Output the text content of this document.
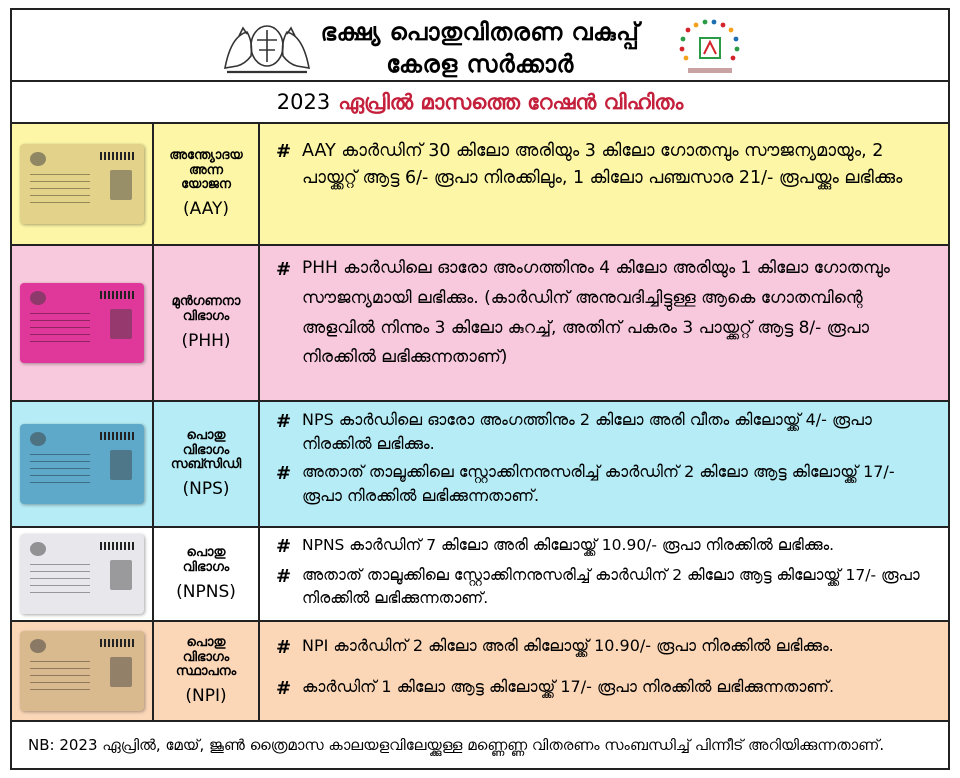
ഭക്ഷ്യ പൊതുവിതരണ വകുപ്പ്
കേരള സർക്കാർ
2023 ഏപ്രിൽ മാസത്തെ റേഷൻ വിഹിതം
അന്ത്യോദയ
അന്ന
യോജന
(AAY)
# AAY കാർഡിന് 30 കിലോ അരിയും 3 കിലോ ഗോതമ്പും സൗജന്യമായും, 2 പായ്ക്കറ്റ് ആട്ട 6/- രൂപാ നിരക്കിലും, 1 കിലോ പഞ്ചസാര 21/- രൂപയ്ക്കും ലഭിക്കും
മുൻഗണനാ
വിഭാഗം
(PHH)
# PHH കാർഡിലെ ഓരോ അംഗത്തിനും 4 കിലോ അരിയും 1 കിലോ ഗോതമ്പും സൗജന്യമായി ലഭിക്കും. (കാർഡിന് അനുവദിച്ചിട്ടുള്ള ആകെ ഗോതമ്പിന്റെ അളവിൽ നിന്നും 3 കിലോ കുറച്ച്, അതിന് പകരം 3 പായ്ക്കറ്റ് ആട്ട 8/- രൂപാ നിരക്കിൽ ലഭിക്കുന്നതാണ്)
പൊതു
വിഭാഗം
സബ്സിഡി
(NPS)
# NPS കാർഡിലെ ഓരോ അംഗത്തിനും 2 കിലോ അരി വീതം കിലോയ്ക്ക് 4/- രൂപാ നിരക്കിൽ ലഭിക്കും.
# അതാത് താലൂക്കിലെ സ്റ്റോക്കിനനുസരിച്ച് കാർഡിന് 2 കിലോ ആട്ട കിലോയ്ക്ക് 17/- രൂപാ നിരക്കിൽ ലഭിക്കുന്നതാണ്.
പൊതു
വിഭാഗം
(NPNS)
# NPNS കാർഡിന് 7 കിലോ അരി കിലോയ്ക്ക് 10.90/- രൂപാ നിരക്കിൽ ലഭിക്കും.
# അതാത് താലൂക്കിലെ സ്റ്റോക്കിനനുസരിച്ച് കാർഡിന് 2 കിലോ ആട്ട കിലോയ്ക്ക് 17/- രൂപാ നിരക്കിൽ ലഭിക്കുന്നതാണ്.
പൊതു
വിഭാഗം
സ്ഥാപനം
(NPI)
# NPI കാർഡിന് 2 കിലോ അരി കിലോയ്ക്ക് 10.90/- രൂപാ നിരക്കിൽ ലഭിക്കും.
# കാർഡിന് 1 കിലോ ആട്ട കിലോയ്ക്ക് 17/- രൂപാ നിരക്കിൽ ലഭിക്കുന്നതാണ്.
NB: 2023 ഏപ്രിൽ, മേയ്, ജൂൺ ത്രൈമാസ കാലയളവിലേയ്ക്കുള്ള മണ്ണെണ്ണ വിതരണം സംബന്ധിച്ച് പിന്നീട് അറിയിക്കുന്നതാണ്.
